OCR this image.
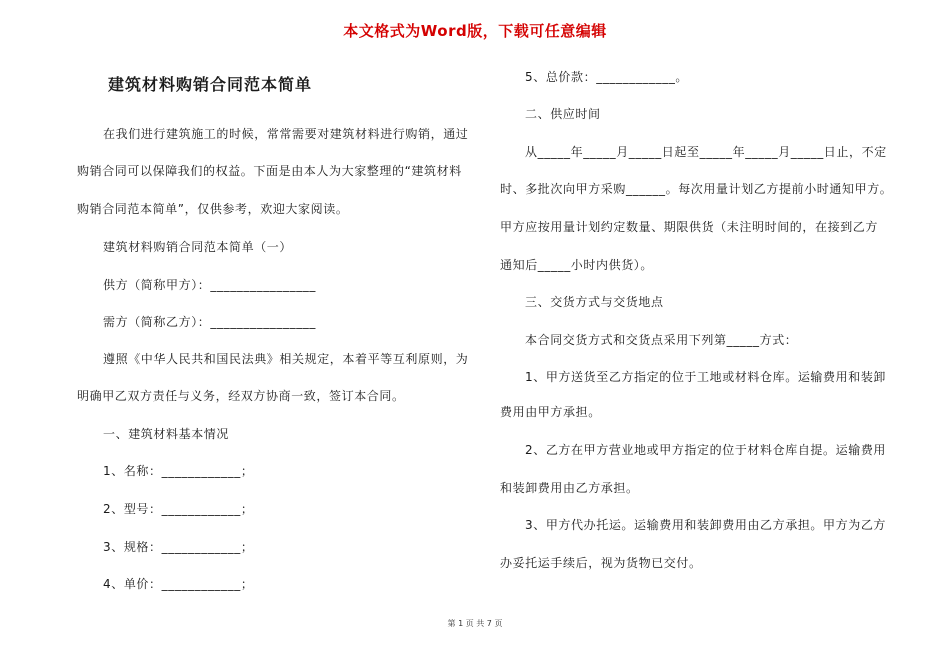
本文格式为Word版，下载可任意编辑
建筑材料购销合同范本简单
在我们进行建筑施工的时候，常常需要对建筑材料进行购销，通过
购销合同可以保障我们的权益。下面是由本人为大家整理的“建筑材料
购销合同范本简单”，仅供参考，欢迎大家阅读。
建筑材料购销合同范本简单（一）
供方（简称甲方）：________________
需方（简称乙方）：________________
遵照《中华人民共和国民法典》相关规定，本着平等互利原则，为
明确甲乙双方责任与义务，经双方协商一致，签订本合同。
一、建筑材料基本情况
1、名称：____________；
2、型号：____________；
3、规格：____________；
4、单价：____________；
5、总价款：____________。
二、供应时间
从_____年_____月_____日起至_____年_____月_____日止，不定
时、多批次向甲方采购______。每次用量计划乙方提前小时通知甲方。
甲方应按用量计划约定数量、期限供货（未注明时间的，在接到乙方
通知后_____小时内供货）。
三、交货方式与交货地点
本合同交货方式和交货点采用下列第_____方式：
1、甲方送货至乙方指定的位于工地或材料仓库。运输费用和装卸
费用由甲方承担。
2、乙方在甲方营业地或甲方指定的位于材料仓库自提。运输费用
和装卸费用由乙方承担。
3、甲方代办托运。运输费用和装卸费用由乙方承担。甲方为乙方
办妥托运手续后，视为货物已交付。
第 1 页 共 7 页
